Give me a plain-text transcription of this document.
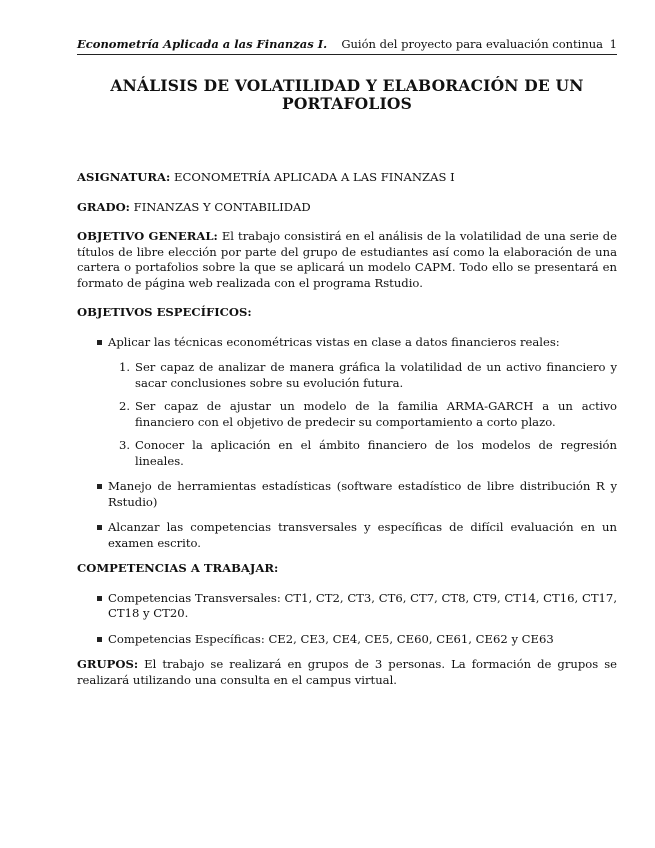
Econometría Aplicada a las Finanzas I. Guión del proyecto para evaluación continua 1
ANÁLISIS DE VOLATILIDAD Y ELABORACIÓN DE UN
PORTAFOLIOS

ASIGNATURA: ECONOMETRÍA APLICADA A LAS FINANZAS I

GRADO: FINANZAS Y CONTABILIDAD

OBJETIVO GENERAL: El trabajo consistirá en el análisis de la volatilidad de una serie de títulos de libre elección por parte del grupo de estudiantes así como la elaboración de una cartera o portafolios sobre la que se aplicará un modelo CAPM. Todo ello se presentará en formato de página web realizada con el programa Rstudio.

OBJETIVOS ESPECÍFICOS:
Aplicar las técnicas econométricas vistas en clase a datos financieros reales:
1. Ser capaz de analizar de manera gráfica la volatilidad de un activo financiero y sacar conclusiones sobre su evolución futura.
2. Ser capaz de ajustar un modelo de la familia ARMA-GARCH a un activo financiero con el objetivo de predecir su comportamiento a corto plazo.
3. Conocer la aplicación en el ámbito financiero de los modelos de regresión lineales.
Manejo de herramientas estadísticas (software estadístico de libre distribución R y Rstudio)
Alcanzar las competencias transversales y específicas de difícil evaluación en un examen escrito.
COMPETENCIAS A TRABAJAR:
Competencias Transversales: CT1, CT2, CT3, CT6, CT7, CT8, CT9, CT14, CT16, CT17, CT18 y CT20.
Competencias Específicas: CE2, CE3, CE4, CE5, CE60, CE61, CE62 y CE63

GRUPOS: El trabajo se realizará en grupos de 3 personas. La formación de grupos se realizará utilizando una consulta en el campus virtual.
